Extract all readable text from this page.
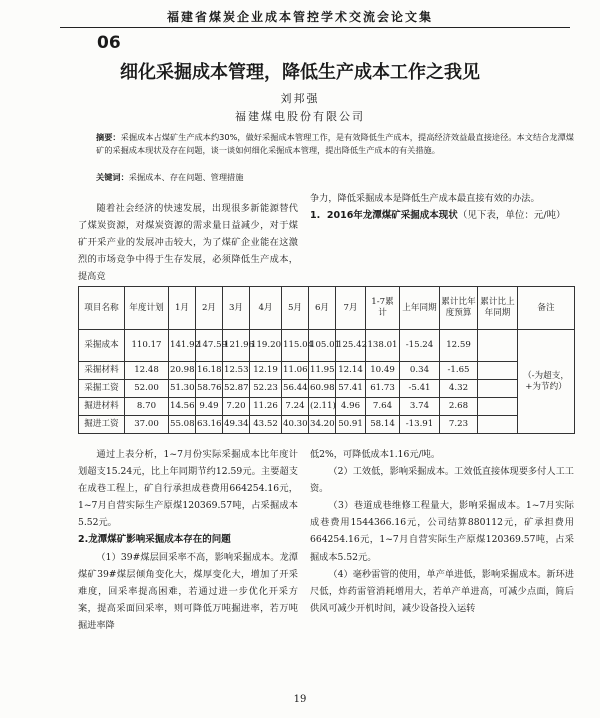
福建省煤炭企业成本管控学术交流会论文集
06
细化采掘成本管理，降低生产成本工作之我见
刘邦强
福建煤电股份有限公司
摘要：采掘成本占煤矿生产成本约30%，做好采掘成本管理工作，是有效降低生产成本，提高经济效益最直接途径。本文结合龙潭煤矿的采掘成本现状及存在问题，谈一谈如何细化采掘成本管理，提出降低生产成本的有关措施。
关键词：采掘成本、存在问题、管理措施

随着社会经济的快速发展，出现很多新能源替代了煤炭资源，对煤炭资源的需求量日益减少，对于煤矿开采产业的发展冲击较大，为了煤矿企业能在这激烈的市场竞争中得于生存发展，必须降低生产成本，提高竞

争力，降低采掘成本是降低生产成本最直接有效的办法。

1. 2016年龙潭煤矿采掘成本现状（见下表，单位：元/吨）

项目名称	年度计划	1月	2月	3月	4月	5月	6月	7月	1-7累计	上年同期	累计比年度预算	累计比上年同期	备注
采掘成本	110.17	141.92	147.59	121.96	119.20	115.04	105.01	125.42	138.01	-15.24	12.59		（-为超支，+为节约）
采掘材料	12.48	20.98	16.18	12.53	12.19	11.06	11.95	12.14	10.49	0.34	-1.65		
采掘工资	52.00	51.30	58.76	52.87	52.23	56.44	60.98	57.41	61.73	-5.41	4.32		
掘进材料	8.70	14.56	9.49	7.20	11.26	7.24	(2.11)	4.96	7.64	3.74	2.68		
掘进工资	37.00	55.08	63.16	49.34	43.52	40.30	34.20	50.91	58.14	-13.91	7.23		

通过上表分析，1~7月份实际采掘成本比年度计划超支15.24元，比上年同期节约12.59元。主要超支在成巷工程上，矿自行承担成巷费用664254.16元，1~7月自营实际生产原煤120369.57吨，占采掘成本5.52元。

2.龙潭煤矿影响采掘成本存在的问题

（1）39#煤层回采率不高，影响采掘成本。龙潭煤矿39#煤层倾角变化大，煤厚变化大，增加了开采难度，回采率提高困难，若通过进一步优化开采方案，提高采面回采率，则可降低万吨掘进率，若万吨掘进率降

低2%，可降低成本1.16元/吨。

（2）工效低，影响采掘成本。工效低直接体现要多付人工工资。

（3）巷道成巷维修工程量大，影响采掘成本。1~7月实际成巷费用1544366.16元，公司结算880112元，矿承担费用664254.16元，1~7月自营实际生产原煤120369.57吨，占采掘成本5.52元。

（4）毫秒雷管的使用，单产单进低，影响采掘成本。新环进尺低，炸药雷管消耗增用大，若单产单进高，可减少点面，简后供风可减少开机时间，减少设备投入运转

19
